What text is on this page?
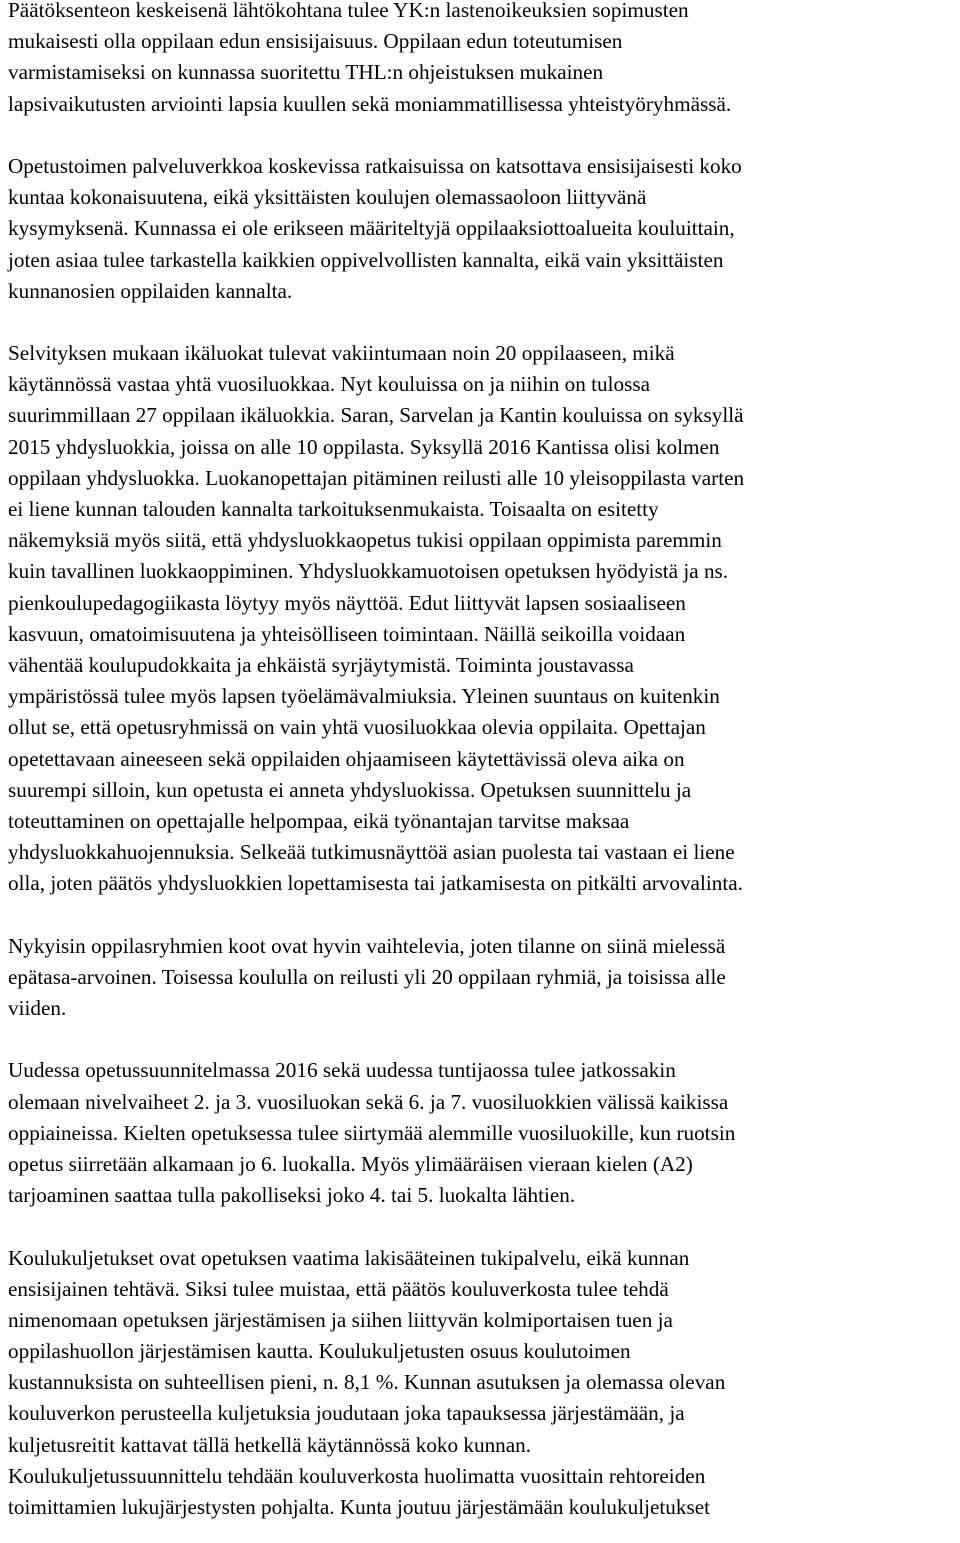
Päätöksenteon keskeisenä lähtökohtana tulee YK:n lastenoikeuksien sopimusten
mukaisesti olla oppilaan edun ensisijaisuus. Oppilaan edun toteutumisen
varmistamiseksi on kunnassa suoritettu THL:n ohjeistuksen mukainen
lapsivaikutusten arviointi lapsia kuullen sekä moniammatillisessa yhteistyöryhmässä.

Opetustoimen palveluverkkoa koskevissa ratkaisuissa on katsottava ensisijaisesti koko
kuntaa kokonaisuutena, eikä yksittäisten koulujen olemassaoloon liittyvänä
kysymyksenä. Kunnassa ei ole erikseen määriteltyjä oppilaaksiottoalueita kouluittain,
joten asiaa tulee tarkastella kaikkien oppivelvollisten kannalta, eikä vain yksittäisten
kunnanosien oppilaiden kannalta.

Selvityksen mukaan ikäluokat tulevat vakiintumaan noin 20 oppilaaseen, mikä
käytännössä vastaa yhtä vuosiluokkaa. Nyt kouluissa on ja niihin on tulossa
suurimmillaan 27 oppilaan ikäluokkia. Saran, Sarvelan ja Kantin kouluissa on syksyllä
2015 yhdysluokkia, joissa on alle 10 oppilasta. Syksyllä 2016 Kantissa olisi kolmen
oppilaan yhdysluokka. Luokanopettajan pitäminen reilusti alle 10 yleisoppilasta varten
ei liene kunnan talouden kannalta tarkoituksenmukaista. Toisaalta on esitetty
näkemyksiä myös siitä, että yhdysluokkaopetus tukisi oppilaan oppimista paremmin
kuin tavallinen luokkaoppiminen. Yhdysluokkamuotoisen opetuksen hyödyistä ja ns.
pienkoulupedagogiikasta löytyy myös näyttöä. Edut liittyvät lapsen sosiaaliseen
kasvuun, omatoimisuutena ja yhteisölliseen toimintaan. Näillä seikoilla voidaan
vähentää koulupudokkaita ja ehkäistä syrjäytymistä. Toiminta joustavassa
ympäristössä tulee myös lapsen työelämävalmiuksia. Yleinen suuntaus on kuitenkin
ollut se, että opetusryhmissä on vain yhtä vuosiluokkaa olevia oppilaita. Opettajan
opetettavaan aineeseen sekä oppilaiden ohjaamiseen käytettävissä oleva aika on
suurempi silloin, kun opetusta ei anneta yhdysluokissa. Opetuksen suunnittelu ja
toteuttaminen on opettajalle helpompaa, eikä työnantajan tarvitse maksaa
yhdysluokkahuojennuksia. Selkeää tutkimusnäyttöä asian puolesta tai vastaan ei liene
olla, joten päätös yhdysluokkien lopettamisesta tai jatkamisesta on pitkälti arvovalinta.

Nykyisin oppilasryhmien koot ovat hyvin vaihtelevia, joten tilanne on siinä mielessä
epätasa-arvoinen. Toisessa koululla on reilusti yli 20 oppilaan ryhmiä, ja toisissa alle
viiden.

Uudessa opetussuunnitelmassa 2016 sekä uudessa tuntijaossa tulee jatkossakin
olemaan nivelvaiheet 2. ja 3. vuosiluokan sekä 6. ja 7. vuosiluokkien välissä kaikissa
oppiaineissa. Kielten opetuksessa tulee siirtymää alemmille vuosiluokille, kun ruotsin
opetus siirretään alkamaan jo 6. luokalla. Myös ylimääräisen vieraan kielen (A2)
tarjoaminen saattaa tulla pakolliseksi joko 4. tai 5. luokalta lähtien.

Koulukuljetukset ovat opetuksen vaatima lakisääteinen tukipalvelu, eikä kunnan
ensisijainen tehtävä. Siksi tulee muistaa, että päätös kouluverkosta tulee tehdä
nimenomaan opetuksen järjestämisen ja siihen liittyvän kolmiportaisen tuen ja
oppilashuollon järjestämisen kautta. Koulukuljetusten osuus koulutoimen
kustannuksista on suhteellisen pieni, n. 8,1 %. Kunnan asutuksen ja olemassa olevan
kouluverkon perusteella kuljetuksia joudutaan joka tapauksessa järjestämään, ja
kuljetusreitit kattavat tällä hetkellä käytännössä koko kunnan.

Koulukuljetussuunnittelu tehdään kouluverkosta huolimatta vuosittain rehtoreiden
toimittamien lukujärjestysten pohjalta. Kunta joutuu järjestämään koulukuljetukset
